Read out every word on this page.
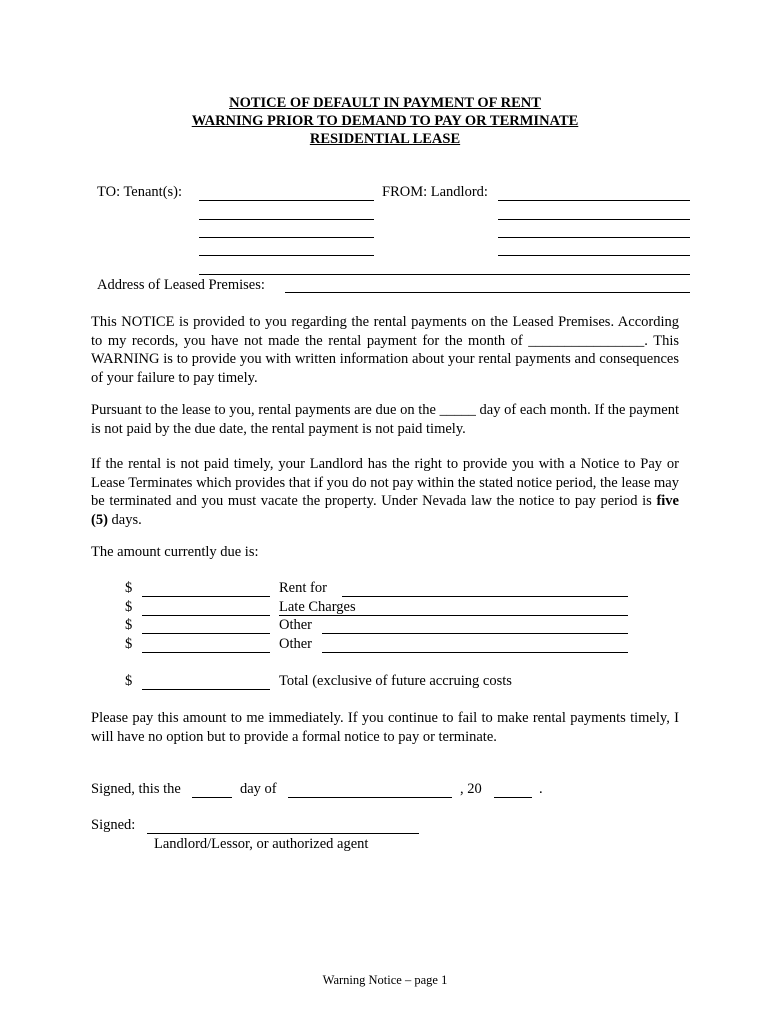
NOTICE OF DEFAULT IN PAYMENT OF RENT
WARNING PRIOR TO DEMAND TO PAY OR TERMINATE
RESIDENTIAL LEASE
TO: Tenant(s):	FROM: Landlord:
Address of Leased Premises:
This NOTICE is provided to you regarding the rental payments on the Leased Premises. According to my records, you have not made the rental payment for the month of ________________. This WARNING is to provide you with written information about your rental payments and consequences of your failure to pay timely.
Pursuant to the lease to you, rental payments are due on the _____ day of each month. If the payment is not paid by the due date, the rental payment is not paid timely.
If the rental is not paid timely, your Landlord has the right to provide you with a Notice to Pay or Lease Terminates which provides that if you do not pay within the stated notice period, the lease may be terminated and you must vacate the property. Under Nevada law the notice to pay period is five (5) days.
The amount currently due is:
$	Rent for
$	Late Charges
$	Other
$	Other
$	Total (exclusive of future accruing costs
Please pay this amount to me immediately. If you continue to fail to make rental payments timely, I will have no option but to provide a formal notice to pay or terminate.
Signed, this the	day of	, 20	.
Signed:
Landlord/Lessor, or authorized agent
Warning Notice – page 1
